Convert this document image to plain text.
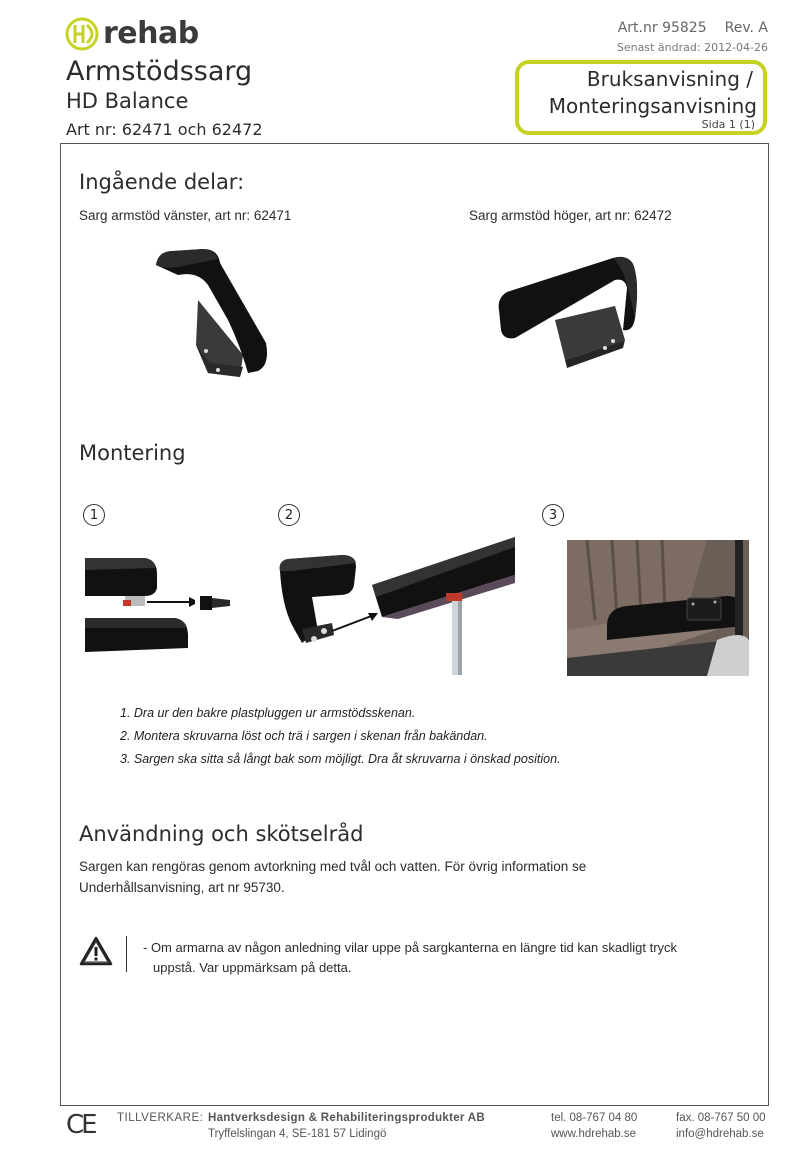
rehab
Armstödssarg
HD Balance
Art nr: 62471 och 62472
Art.nr 95825 Rev. A
Senast ändrad: 2012-04-26
Bruksanvisning /
Monteringsanvisning
Sida 1 (1)
Ingående delar:
Sarg armstöd vänster, art nr: 62471	Sarg armstöd höger, art nr: 62472
Montering
1	2	3
1. Dra ur den bakre plastpluggen ur armstödsskenan.
2. Montera skruvarna löst och trä i sargen i skenan från bakändan.
3. Sargen ska sitta så långt bak som möjligt. Dra åt skruvarna i önskad position.
Användning och skötselråd
Sargen kan rengöras genom avtorkning med tvål och vatten. För övrig information se
Underhållsanvisning, art nr 95730.
- Om armarna av någon anledning vilar uppe på sargkanterna en längre tid kan skadligt tryck
uppstå. Var uppmärksam på detta.
CE TILLVERKARE: Hantverksdesign & Rehabiliteringsprodukter AB
Tryffelslingan 4, SE-181 57 Lidingö
tel. 08-767 04 80
www.hdrehab.se
fax. 08-767 50 00
info@hdrehab.se
